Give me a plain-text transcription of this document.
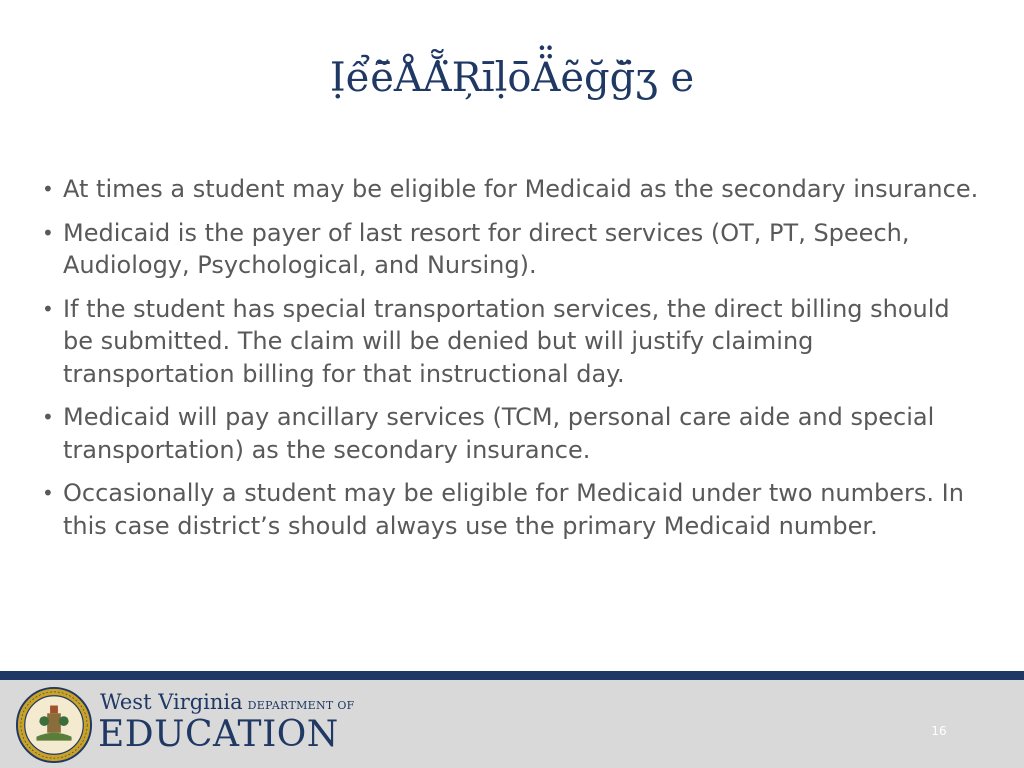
Ịểẽ̄ÅẴ̈Ŗı̄ḷō̄Ä̈ẽğğ̈ʒ e
• At times a student may be eligible for Medicaid as the secondary insurance.
• Medicaid is the payer of last resort for direct services (OT, PT, Speech, Audiology, Psychological, and Nursing).
• If the student has special transportation services, the direct billing should be submitted. The claim will be denied but will justify claiming transportation billing for that instructional day.
• Medicaid will pay ancillary services (TCM, personal care aide and special transportation) as the secondary insurance.
• Occasionally a student may be eligible for Medicaid under two numbers. In this case district’s should always use the primary Medicaid number.
West Virginia DEPARTMENT OF
EDUCATION	16
